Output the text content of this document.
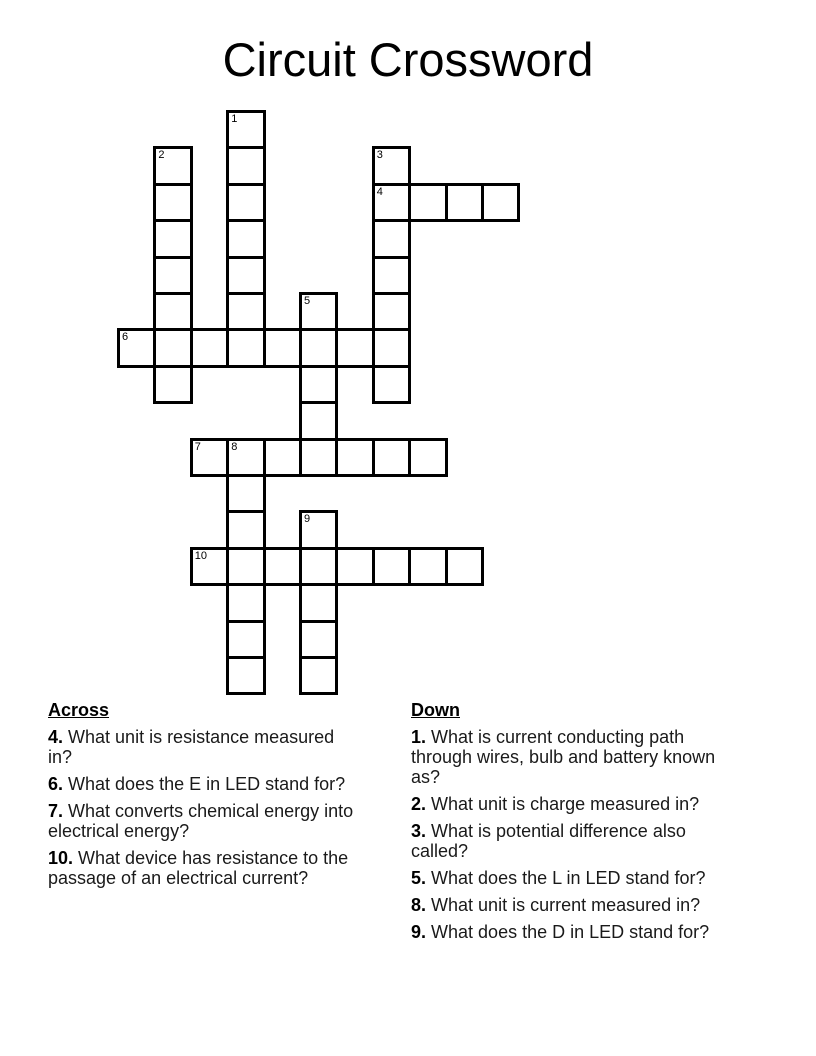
Circuit Crossword
1
2	3
4
5
6
7	8
9
10
Across

4. What unit is resistance measured in?

6. What does the E in LED stand for?

7. What converts chemical energy into electrical energy?

10. What device has resistance to the passage of an electrical current?

Down

1. What is current conducting path through wires, bulb and battery known as?

2. What unit is charge measured in?

3. What is potential difference also called?

5. What does the L in LED stand for?

8. What unit is current measured in?

9. What does the D in LED stand for?
